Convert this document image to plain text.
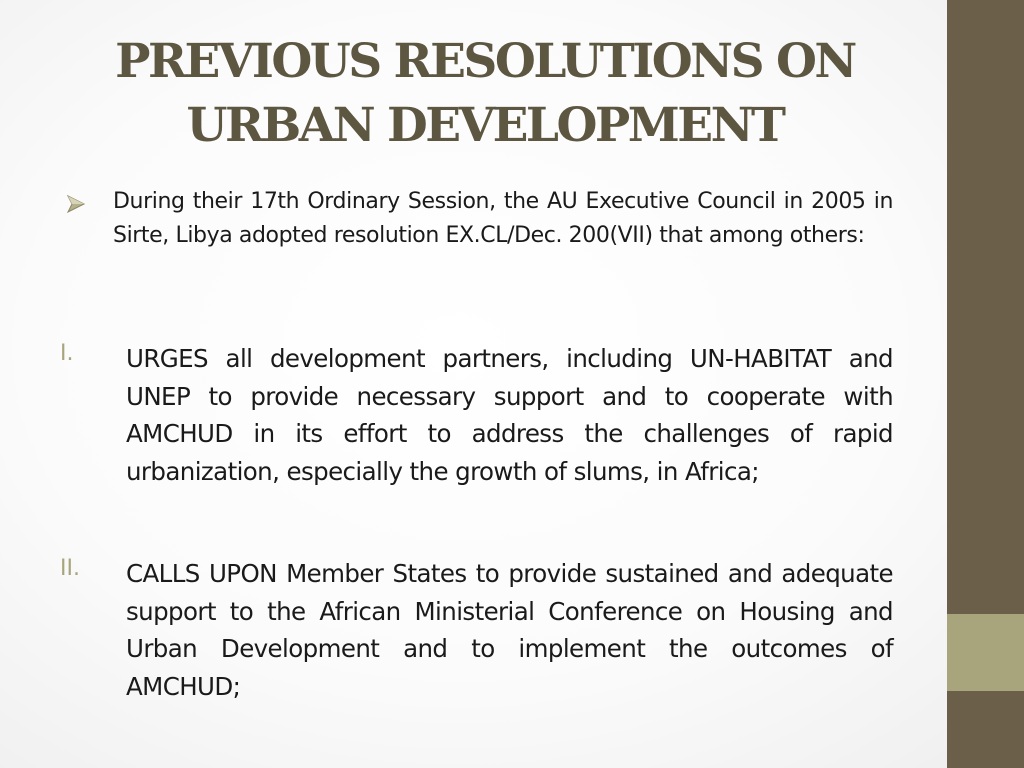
PREVIOUS RESOLUTIONS ON
URBAN DEVELOPMENT

During their 17th Ordinary Session, the AU Executive Council in 2005 in Sirte, Libya adopted resolution EX.CL/Dec. 200(VII) that among others:

I. URGES all development partners, including UN-HABITAT and UNEP to provide necessary support and to cooperate with AMCHUD in its effort to address the challenges of rapid urbanization, especially the growth of slums, in Africa;

II. CALLS UPON Member States to provide sustained and adequate support to the African Ministerial Conference on Housing and Urban Development and to implement the outcomes of AMCHUD;
